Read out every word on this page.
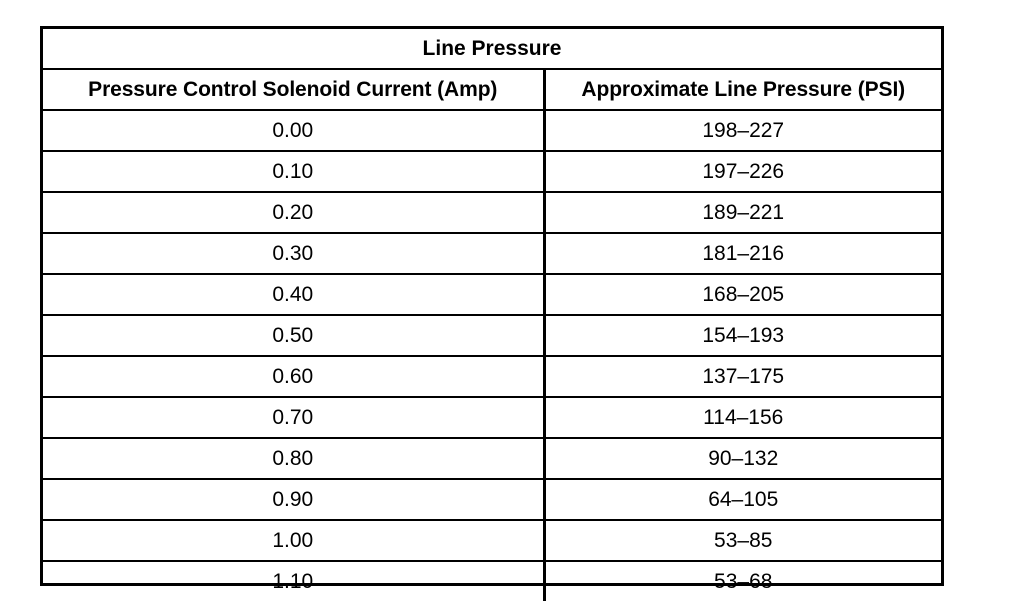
Line Pressure	
Pressure Control Solenoid Current (Amp)	Approximate Line Pressure (PSI)
0.00	198–227
0.10	197–226
0.20	189–221
0.30	181–216
0.40	168–205
0.50	154–193
0.60	137–175
0.70	114–156
0.80	90–132
0.90	64–105
1.00	53–85
1.10	53–68
